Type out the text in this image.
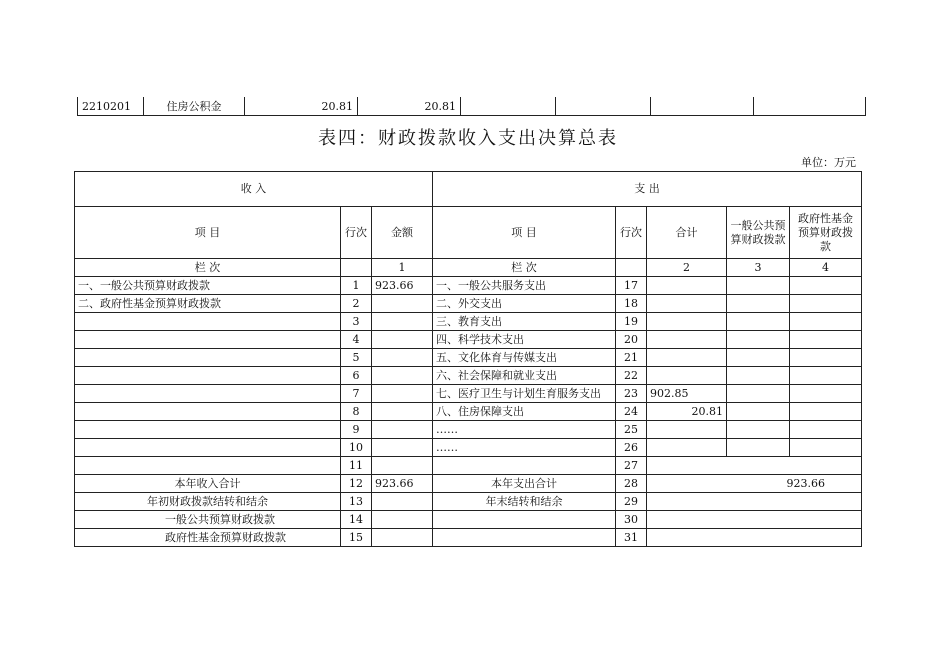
2210201	住房公积金	20.81	20.81				
表四：财政拨款收入支出决算总表
单位：万元
收 入			支 出				
项 目	行次	金额	项 目	行次	合计	一般公共预算财政拨款	政府性基金预算财政拨款
栏 次		1	栏 次		2	3	4
一、一般公共预算财政拨款	1	923.66	一、一般公共服务支出	17			
二、政府性基金预算财政拨款	2		二、外交支出	18			
	3		三、教育支出	19			
	4		四、科学技术支出	20			
	5		五、文化体育与传媒支出	21			
	6		六、社会保障和就业支出	22			
	7		七、医疗卫生与计划生育服务支出	23	902.85		
	8		八、住房保障支出	24	20.81		
	9		……	25			
	10		……	26			
	11			27			
本年收入合计	12	923.66	本年支出合计	28	923.66		
年初财政拨款结转和结余	13		年末结转和结余	29			
一般公共预算财政拨款	14			30			
政府性基金预算财政拨款	15			31			
